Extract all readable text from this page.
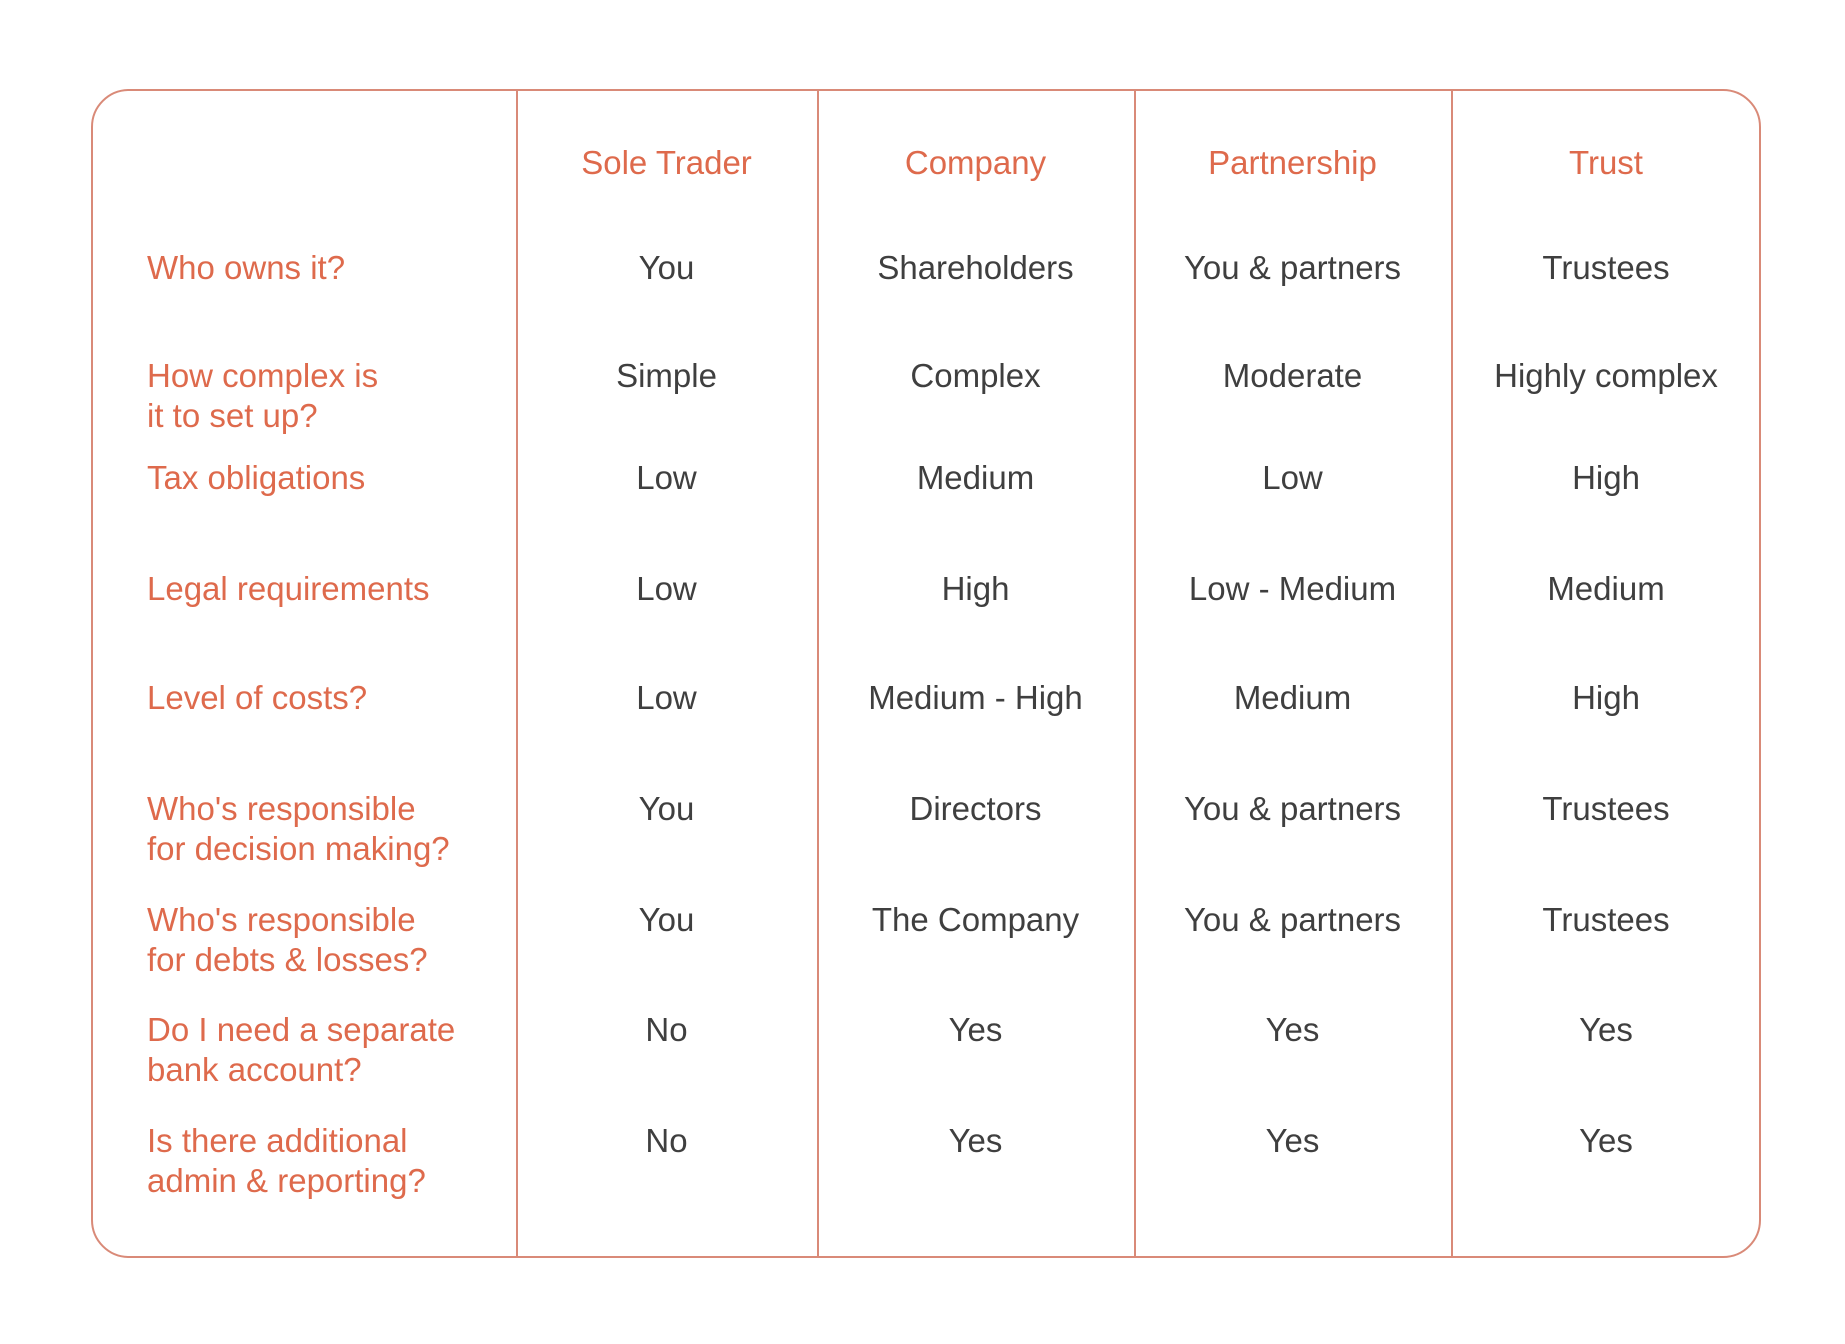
Sole Trader	Company	Partnership	Trust
Who owns it?	You	Shareholders	You & partners	Trustees
How complex is
it to set up?
Simple	Complex	Moderate	Highly complex
Tax obligations	Low	Medium	Low	High
Legal requirements	Low	High	Low - Medium	Medium
Level of costs?	Low	Medium - High	Medium	High
Who's responsible
for decision making?
You	Directors	You & partners	Trustees
Who's responsible
for debts & losses?
You	The Company	You & partners	Trustees
Do I need a separate
bank account?
No	Yes	Yes	Yes
Is there additional
admin & reporting?
No	Yes	Yes	Yes
